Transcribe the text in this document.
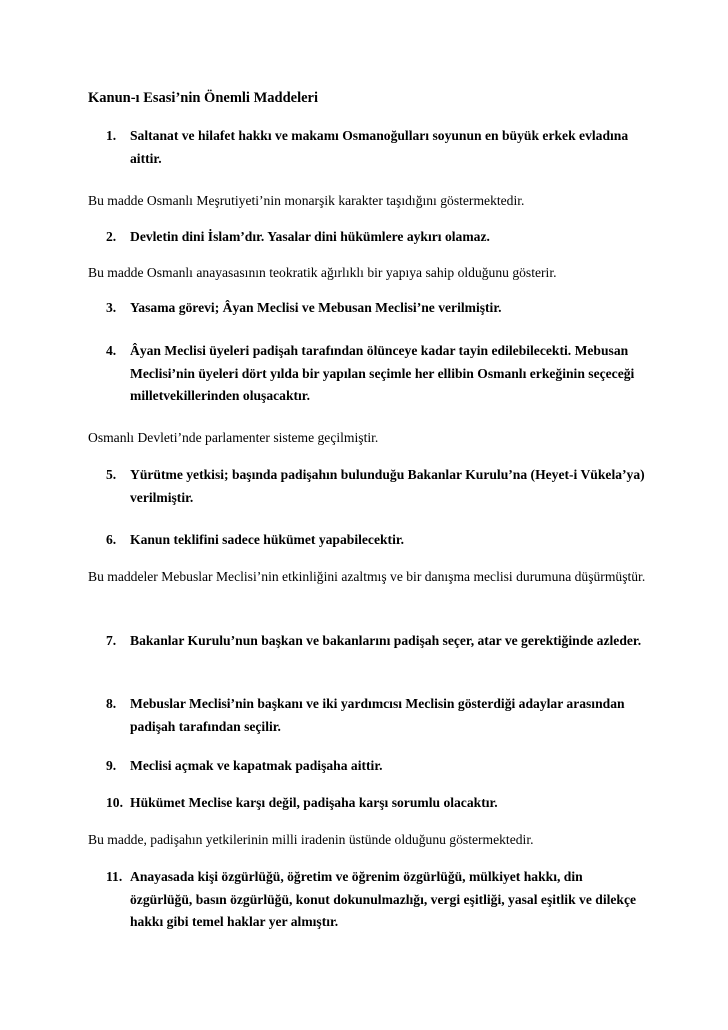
Kanun-ı Esasi’nin Önemli Maddeleri
1. Saltanat ve hilafet hakkı ve makamı Osmanoğulları soyunun en büyük erkek evladına aittir.
Bu madde Osmanlı Meşrutiyeti’nin monarşik karakter taşıdığını göstermektedir.
2. Devletin dini İslam’dır. Yasalar dini hükümlere aykırı olamaz.
Bu madde Osmanlı anayasasının teokratik ağırlıklı bir yapıya sahip olduğunu gösterir.
3. Yasama görevi; Âyan Meclisi ve Mebusan Meclisi’ne verilmiştir.
4. Âyan Meclisi üyeleri padişah tarafından ölünceye kadar tayin edilebilecekti. Mebusan Meclisi’nin üyeleri dört yılda bir yapılan seçimle her ellibin Osmanlı erkeğinin seçeceği milletvekillerinden oluşacaktır.
Osmanlı Devleti’nde parlamenter sisteme geçilmiştir.
5. Yürütme yetkisi; başında padişahın bulunduğu Bakanlar Kurulu’na (Heyet-i Vükela’ya) verilmiştir.
6. Kanun teklifini sadece hükümet yapabilecektir.
Bu maddeler Mebuslar Meclisi’nin etkinliğini azaltmış ve bir danışma meclisi durumuna düşürmüştür.
7. Bakanlar Kurulu’nun başkan ve bakanlarını padişah seçer, atar ve gerektiğinde azleder.
8. Mebuslar Meclisi’nin başkanı ve iki yardımcısı Meclisin gösterdiği adaylar arasından padişah tarafından seçilir.
9. Meclisi açmak ve kapatmak padişaha aittir.
10. Hükümet Meclise karşı değil, padişaha karşı sorumlu olacaktır.
Bu madde, padişahın yetkilerinin milli iradenin üstünde olduğunu göstermektedir.
11. Anayasada kişi özgürlüğü, öğretim ve öğrenim özgürlüğü, mülkiyet hakkı, din özgürlüğü, basın özgürlüğü, konut dokunulmazlığı, vergi eşitliği, yasal eşitlik ve dilekçe hakkı gibi temel haklar yer almıştır.
